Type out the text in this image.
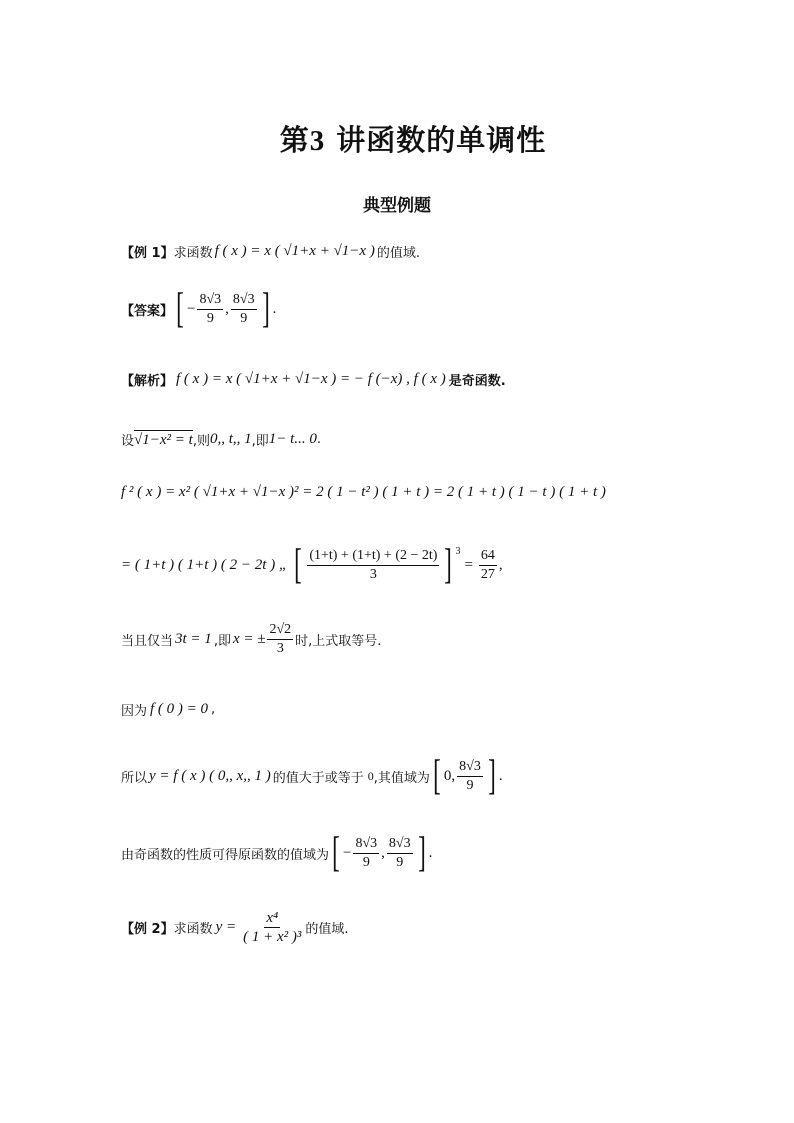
第3 讲函数的单调性
典型例题
【例 1】 求函数 f ( x ) = x ( √1+x + √1−x ) 的值域.
【答案】 [ − $\frac{8√3}{9}$ , $\frac{8√3}{9}$ ] .
【解析】 f ( x ) = x ( √1+x + √1−x ) = − f (−x) , f ( x ) 是奇函数.
设 √1−x² = t ,则 0,, t,, 1 ,即 1− t... 0 .
f ² ( x ) = x² ( √1+x + √1−x )² = 2 ( 1 − t² ) ( 1 + t ) = 2 ( 1 + t ) ( 1 − t ) ( 1 + t )
= ( 1+t ) ( 1+t ) ( 2 − 2t ) „ [ $\frac{(1+t) + (1+t) + (2 - 2t)}{3}$ ] $^3$
= $\frac{64}{27}$ ,
当且仅当 3t = 1 ,即 x = ± $\frac{2√2}{3}$ 时,上式取等号.
因为 f ( 0 ) = 0 ,
所以 y = f ( x ) ( 0,, x,, 1 ) 的值大于或等于 0 ,其值域为 [ 0, $\frac{8√3}{9}$ ] .
由奇函数的性质可得原函数的值域为 [ − $\frac{8√3}{9}$ , $\frac{8√3}{9}$ ] .
【例 2】 求函数 $y = \frac{\text{x⁴}}{\text{( 1 + x² )³}}$ 的值域.
